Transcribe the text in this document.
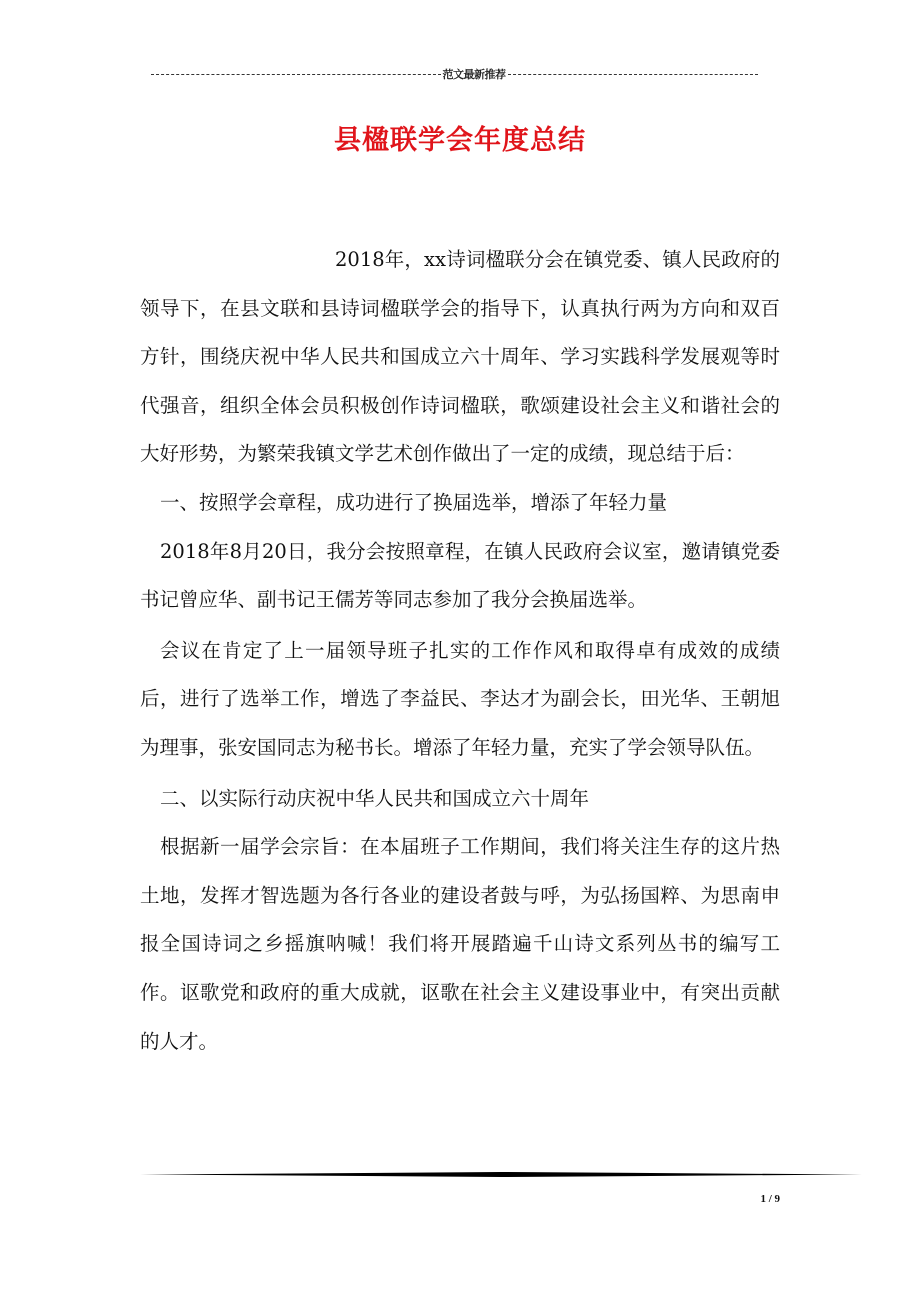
范文最新推荐
县楹联学会年度总结

2018年，xx诗词楹联分会在镇党委、镇人民政府的领导下，在县文联和县诗词楹联学会的指导下，认真执行两为方向和双百方针，围绕庆祝中华人民共和国成立六十周年、学习实践科学发展观等时代强音，组织全体会员积极创作诗词楹联，歌颂建设社会主义和谐社会的大好形势，为繁荣我镇文学艺术创作做出了一定的成绩，现总结于后：

一、按照学会章程，成功进行了换届选举，增添了年轻力量

2018年8月20日，我分会按照章程，在镇人民政府会议室，邀请镇党委书记曾应华、副书记王儒芳等同志参加了我分会换届选举。

会议在肯定了上一届领导班子扎实的工作作风和取得卓有成效的成绩后，进行了选举工作，增选了李益民、李达才为副会长，田光华、王朝旭为理事，张安国同志为秘书长。增添了年轻力量，充实了学会领导队伍。

二、以实际行动庆祝中华人民共和国成立六十周年

根据新一届学会宗旨：在本届班子工作期间，我们将关注生存的这片热土地，发挥才智选题为各行各业的建设者鼓与呼，为弘扬国粹、为思南申报全国诗词之乡摇旗呐喊！我们将开展踏遍千山诗文系列丛书的编写工作。讴歌党和政府的重大成就，讴歌在社会主义建设事业中，有突出贡献的人才。

1 / 9
